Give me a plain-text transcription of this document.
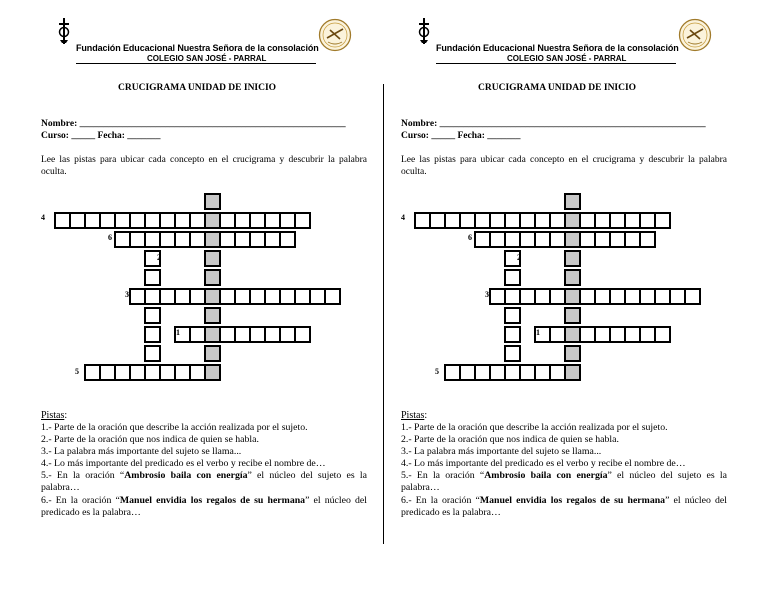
Fundación Educacional Nuestra Señora de la consolación
COLEGIO SAN JOSÉ - PARRAL
CRUCIGRAMA UNIDAD DE INICIO
Nombre: ________________________________________________________
Curso: _____ Fecha: _______
Lee las pistas para ubicar cada concepto en el crucigrama y descubrir la palabra oculta.
4
6
2
3
1
5
Pistas:
1.- Parte de la oración que describe la acción realizada por el sujeto.
2.- Parte de la oración que nos indica de quien se habla.
3.- La palabra más importante del sujeto se llama...
4.- Lo más importante del predicado es el verbo y recibe el nombre de…
5.- En la oración “Ambrosio baila con energía” el núcleo del sujeto es la palabra…
6.- En la oración “Manuel envidia los regalos de su hermana” el núcleo del predicado es la palabra…
Fundación Educacional Nuestra Señora de la consolación
COLEGIO SAN JOSÉ - PARRAL
CRUCIGRAMA UNIDAD DE INICIO
Nombre: ________________________________________________________
Curso: _____ Fecha: _______
Lee las pistas para ubicar cada concepto en el crucigrama y descubrir la palabra oculta.
4
6
2
3
1
5
Pistas:
1.- Parte de la oración que describe la acción realizada por el sujeto.
2.- Parte de la oración que nos indica de quien se habla.
3.- La palabra más importante del sujeto se llama...
4.- Lo más importante del predicado es el verbo y recibe el nombre de…
5.- En la oración “Ambrosio baila con energía” el núcleo del sujeto es la palabra…
6.- En la oración “Manuel envidia los regalos de su hermana” el núcleo del predicado es la palabra…
